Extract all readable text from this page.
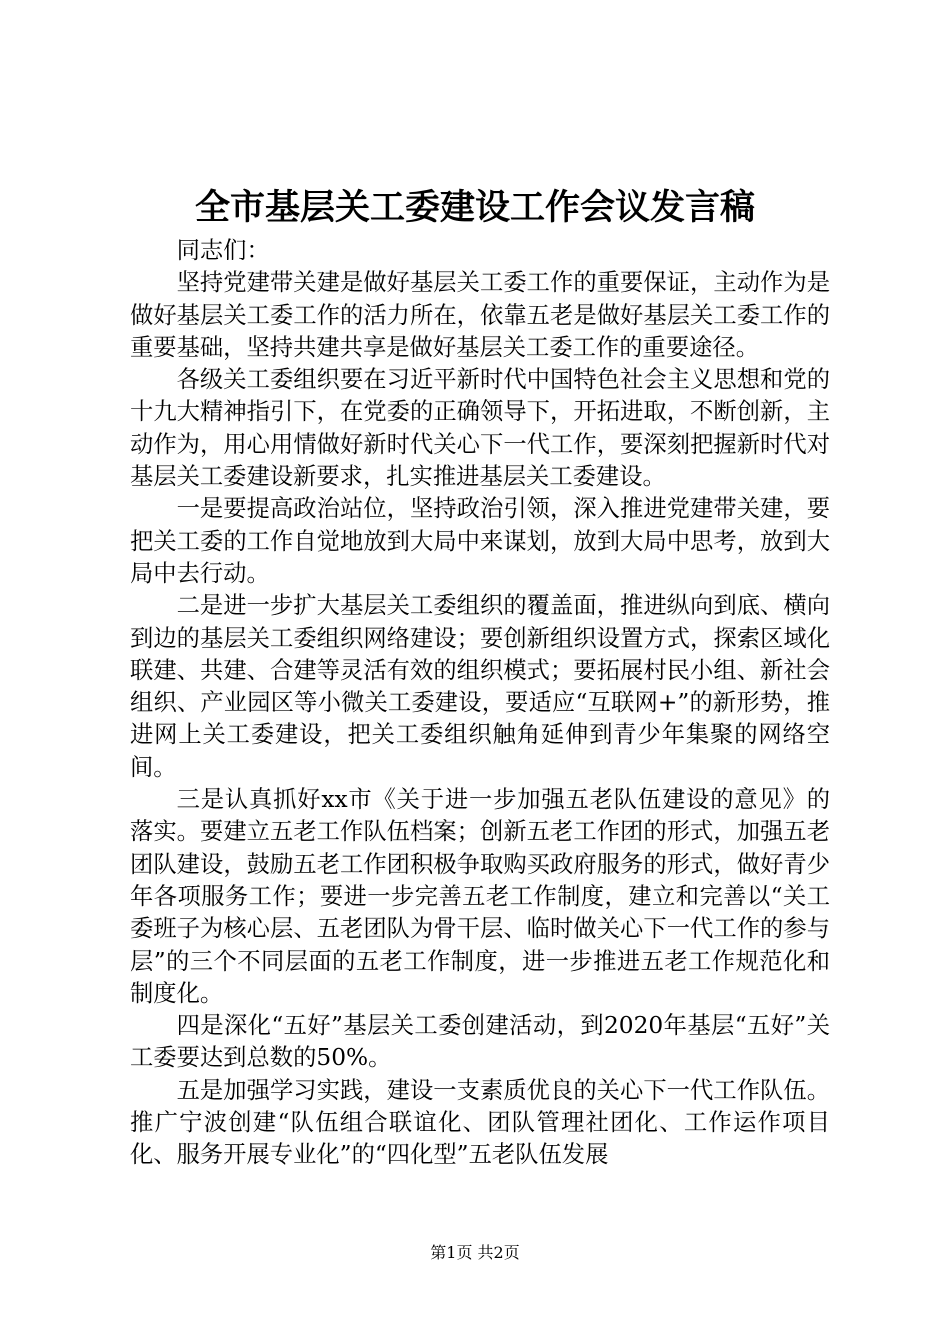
全市基层关工委建设工作会议发言稿

同志们：

坚持党建带关建是做好基层关工委工作的重要保证，主动作为是做好基层关工委工作的活力所在，依靠五老是做好基层关工委工作的重要基础，坚持共建共享是做好基层关工委工作的重要途径。

各级关工委组织要在习近平新时代中国特色社会主义思想和党的十九大精神指引下，在党委的正确领导下，开拓进取，不断创新，主动作为，用心用情做好新时代关心下一代工作，要深刻把握新时代对基层关工委建设新要求，扎实推进基层关工委建设。

一是要提高政治站位，坚持政治引领，深入推进党建带关建，要把关工委的工作自觉地放到大局中来谋划，放到大局中思考，放到大局中去行动。

二是进一步扩大基层关工委组织的覆盖面，推进纵向到底、横向到边的基层关工委组织网络建设；要创新组织设置方式，探索区域化联建、共建、合建等灵活有效的组织模式；要拓展村民小组、新社会组织、产业园区等小微关工委建设，要适应“互联网+”的新形势，推进网上关工委建设，把关工委组织触角延伸到青少年集聚的网络空间。

三是认真抓好xx市《关于进一步加强五老队伍建设的意见》的落实。要建立五老工作队伍档案；创新五老工作团的形式，加强五老团队建设，鼓励五老工作团积极争取购买政府服务的形式，做好青少年各项服务工作；要进一步完善五老工作制度，建立和完善以“关工委班子为核心层、五老团队为骨干层、临时做关心下一代工作的参与层”的三个不同层面的五老工作制度，进一步推进五老工作规范化和制度化。

四是深化“五好”基层关工委创建活动，到2020年基层“五好”关工委要达到总数的50%。

五是加强学习实践，建设一支素质优良的关心下一代工作队伍。推广宁波创建“队伍组合联谊化、团队管理社团化、工作运作项目化、服务开展专业化”的“四化型”五老队伍发展

第1页 共2页
